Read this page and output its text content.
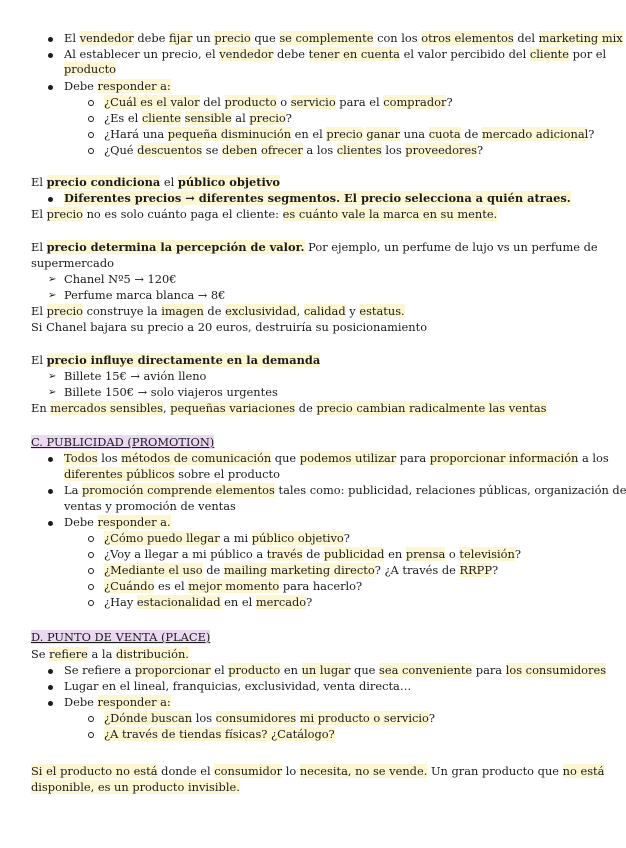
El vendedor debe fijar un precio que se complemente con los otros elementos del marketing mix
Al establecer un precio, el vendedor debe tener en cuenta el valor percibido del cliente por el
producto
Debe responder a:
¿Cuál es el valor del producto o servicio para el comprador?
¿Es el cliente sensible al precio?
¿Hará una pequeña disminución en el precio ganar una cuota de mercado adicional?
¿Qué descuentos se deben ofrecer a los clientes los proveedores?
El precio condiciona el público objetivo
Diferentes precios → diferentes segmentos. El precio selecciona a quién atraes.
El precio no es solo cuánto paga el cliente: es cuánto vale la marca en su mente.
El precio determina la percepción de valor. Por ejemplo, un perfume de lujo vs un perfume de
supermercado
➢ Chanel Nº5 → 120€
➢ Perfume marca blanca → 8€
El precio construye la imagen de exclusividad, calidad y estatus.
Si Chanel bajara su precio a 20 euros, destruiría su posicionamiento
El precio influye directamente en la demanda
➢ Billete 15€ → avión lleno
➢ Billete 150€ → solo viajeros urgentes
En mercados sensibles, pequeñas variaciones de precio cambian radicalmente las ventas
C. PUBLICIDAD (PROMOTION)
Todos los métodos de comunicación que podemos utilizar para proporcionar información a los
diferentes públicos sobre el producto
La promoción comprende elementos tales como: publicidad, relaciones públicas, organización de
ventas y promoción de ventas
Debe responder a.
¿Cómo puedo llegar a mi público objetivo?
¿Voy a llegar a mi público a través de publicidad en prensa o televisión?
¿Mediante el uso de mailing marketing directo? ¿A través de RRPP?
¿Cuándo es el mejor momento para hacerlo?
¿Hay estacionalidad en el mercado?
D. PUNTO DE VENTA (PLACE)
Se refiere a la distribución.
Se refiere a proporcionar el producto en un lugar que sea conveniente para los consumidores
Lugar en el lineal, franquicias, exclusividad, venta directa…
Debe responder a:
¿Dónde buscan los consumidores mi producto o servicio?
¿A través de tiendas físicas? ¿Catálogo?
Si el producto no está donde el consumidor lo necesita, no se vende. Un gran producto que no está
disponible, es un producto invisible.
